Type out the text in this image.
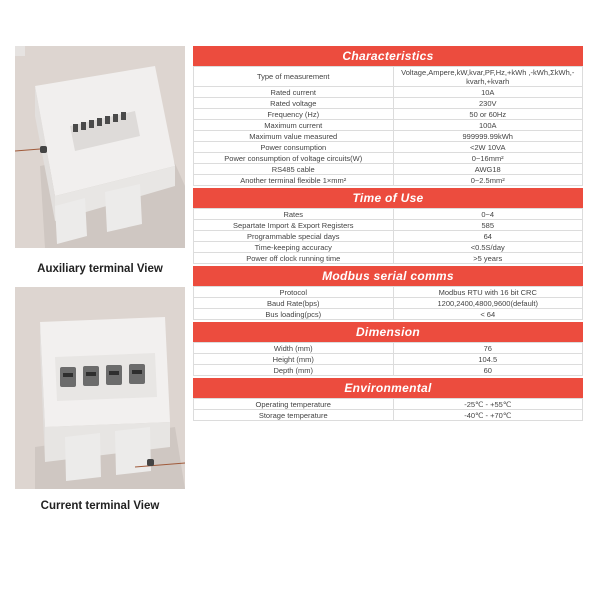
Auxiliary terminal View
Current terminal View
Characteristics
Type of measurement	Voltage,Ampere,kW,kvar,PF,Hz,+kWh ,-kWh,ΣkWh,-kvarh,+kvarh
Rated current	10A
Rated voltage	230V
Frequency (Hz)	50 or 60Hz
Maximum current	100A
Maximum value measured	999999.99kWh
Power consumption	<2W 10VA
Power consumption of voltage circuits(W)	0~16mm²
RS485 cable	AWG18
Another terminal flexible 1×mm²	0~2.5mm²
Time of Use
Rates	0~4
Separtate Import & Export Registers	585
Programmable special days	64
Time-keeping accuracy	<0.5S/day
Power off clock running time	>5 years
Modbus serial comms
Protocol	Modbus RTU with 16 bit CRC
Baud Rate(bps)	1200,2400,4800,9600(default)
Bus loading(pcs)	< 64
Dimension
Width (mm)	76
Height (mm)	104.5
Depth (mm)	60
Environmental
Operating temperature	-25℃ - +55℃
Storage temperature	-40℃ - +70℃
